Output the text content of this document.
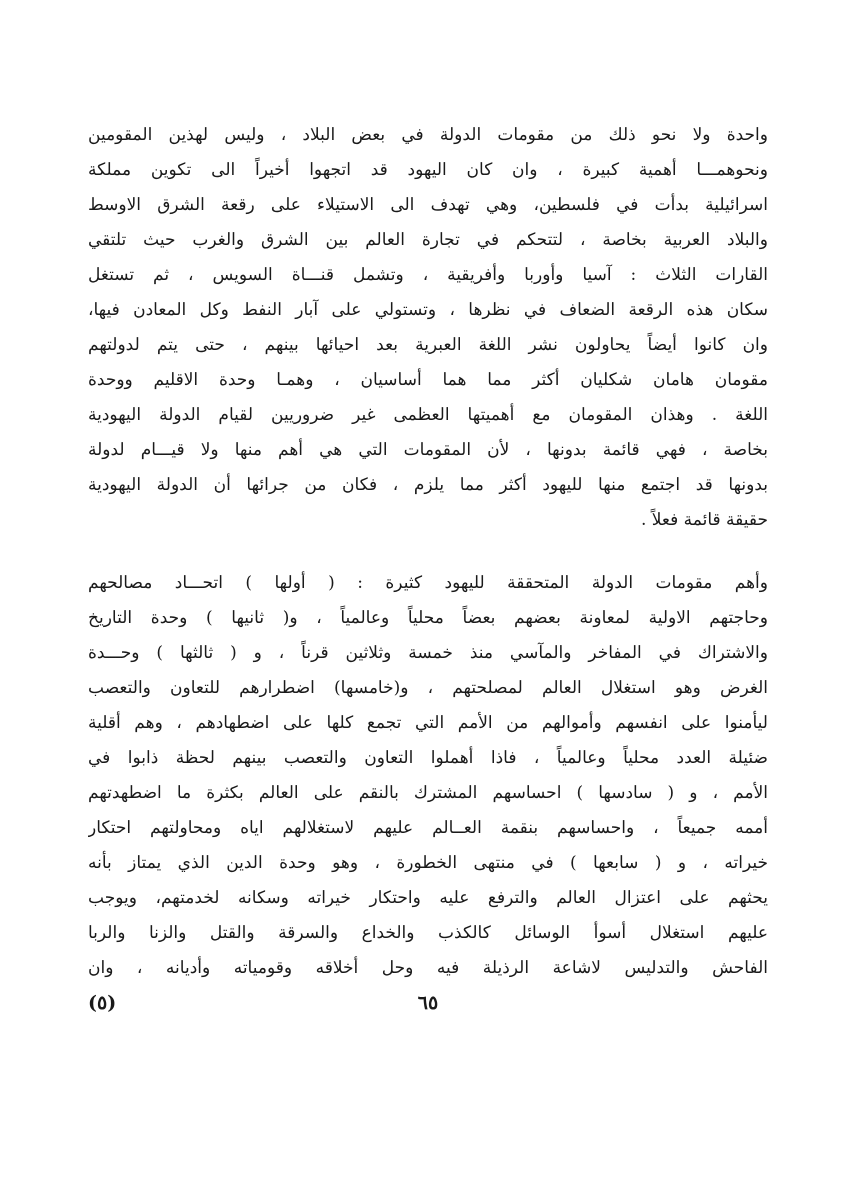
واحدة ولا نحو ذلك من مقومات الدولة في بعض البلاد ، وليس لهذين المقومين
ونحوهمـــا أهمية كبيرة ، وان كان اليهود قد اتجهوا أخيراً الى تكوين مملكة
اسرائيلية بدأت في فلسطين، وهي تهدف الى الاستيلاء على رقعة الشرق الاوسط
والبلاد العربية بخاصة ، لتتحكم في تجارة العالم بين الشرق والغرب حيث تلتقي
القارات الثلاث : آسيا وأوربا وأفريقية ، وتشمل قنـــاة السويس ، ثم تستغل
سكان هذه الرقعة الضعاف في نظرها ، وتستولي على آبار النفط وكل المعادن فيها،
وان كانوا أيضاً يحاولون نشر اللغة العبرية بعد احيائها بينهم ، حتى يتم لدولتهم
مقومان هامان شكليان أكثر مما هما أساسيان ، وهمـا وحدة الاقليم ووحدة
اللغة . وهذان المقومان مع أهميتها العظمى غير ضروريين لقيام الدولة اليهودية
بخاصة ، فهي قائمة بدونها ، لأن المقومات التي هي أهم منها ولا قيـــام لدولة
بدونها قد اجتمع منها لليهود أكثر مما يلزم ، فكان من جرائها أن الدولة اليهودية
حقيقة قائمة فعلاً .
وأهم مقومات الدولة المتحققة لليهود كثيرة : ( أولها ) اتحـــاد مصالحهم
وحاجتهم الاولية لمعاونة بعضهم بعضاً محلياً وعالمياً ، و( ثانيها ) وحدة التاريخ
والاشتراك في المفاخر والمآسي منذ خمسة وثلاثين قرناً ، و ( ثالثها ) وحـــدة
الغرض وهو استغلال العالم لمصلحتهم ، و(خامسها) اضطرارهم للتعاون والتعصب
ليأمنوا على انفسهم وأموالهم من الأمم التي تجمع كلها على اضطهادهم ، وهم أقلية
ضئيلة العدد محلياً وعالمياً ، فاذا أهملوا التعاون والتعصب بينهم لحظة ذابوا في
الأمم ، و ( سادسها ) احساسهم المشترك بالنقم على العالم بكثرة ما اضطهدتهم
أممه جميعاً ، واحساسهم بنقمة العــالم عليهم لاستغلالهم اياه ومحاولتهم احتكار
خيراته ، و ( سابعها ) في منتهى الخطورة ، وهو وحدة الدين الذي يمتاز بأنه
يحثهم على اعتزال العالم والترفع عليه واحتكار خيراته وسكانه لخدمتهم، ويوجب
عليهم استغلال أسوأ الوسائل كالكذب والخداع والسرقة والقتل والزنا والربا
الفاحش والتدليس لاشاعة الرذيلة فيه وحل أخلاقه وقومياته وأديانه ، وان
٦٥
(٥)
